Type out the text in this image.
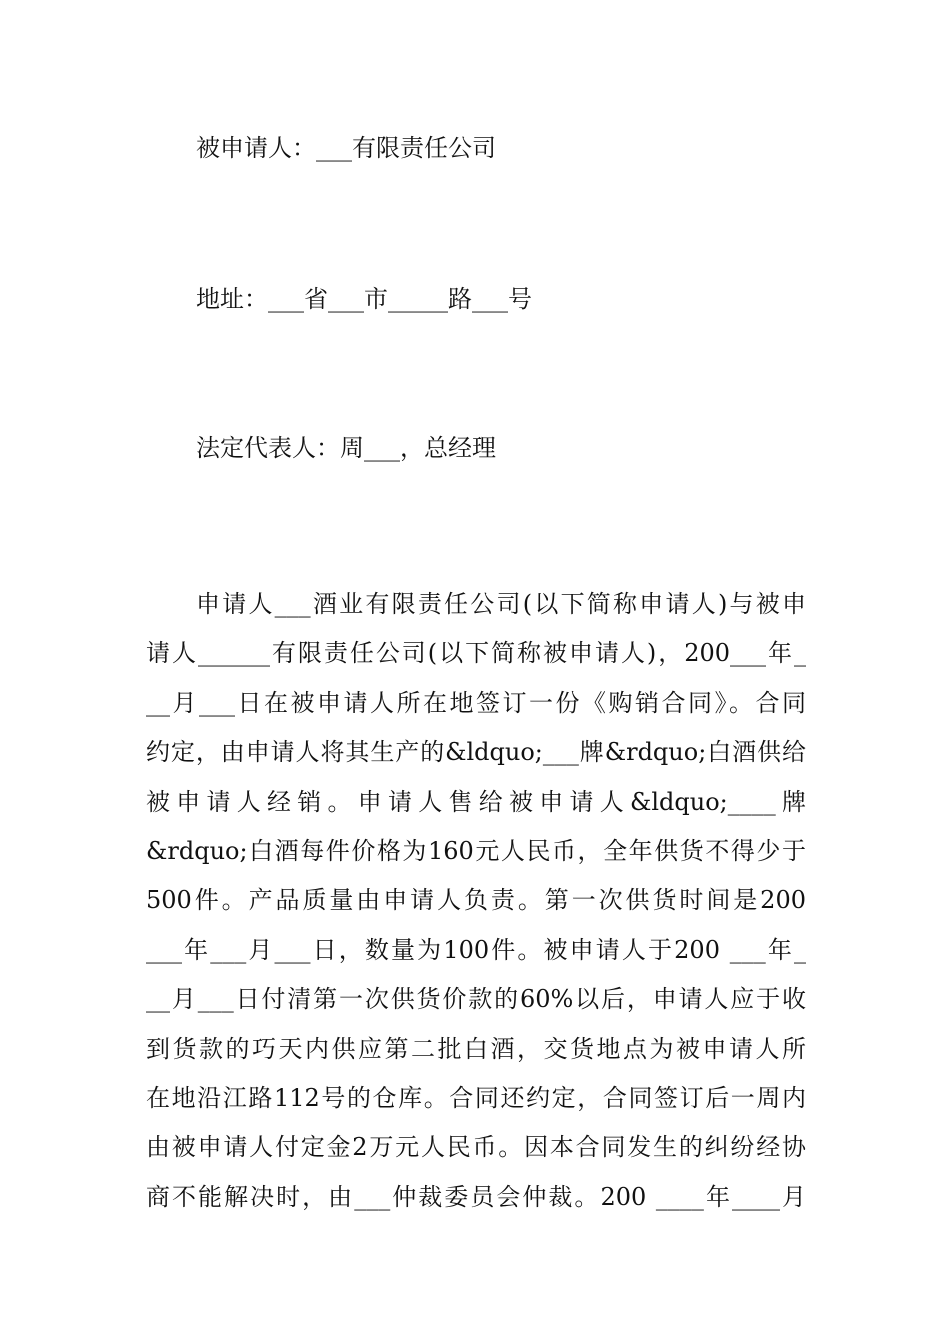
被申请人：___有限责任公司
地址：___省___市_____路___号
法定代表人：周___，总经理
申请人___酒业有限责任公司(以下简称申请人)与被申
请人______有限责任公司(以下简称被申请人)，200___年_
__月___日在被申请人所在地签订一份《购销合同》。合同
约定，由申请人将其生产的&ldquo;___牌&rdquo;白酒供给
被申请人经销。申请人售给被申请人&ldquo;____牌
&rdquo;白酒每件价格为160元人民币，全年供货不得少于
500件。产品质量由申请人负责。第一次供货时间是200
___年___月___日，数量为100件。被申请人于200 ___年_
__月___日付清第一次供货价款的60%以后，申请人应于收
到货款的巧天内供应第二批白酒，交货地点为被申请人所
在地沿江路112号的仓库。合同还约定，合同签订后一周内
由被申请人付定金2万元人民币。因本合同发生的纠纷经协
商不能解决时，由___仲裁委员会仲裁。200 ____年____月
